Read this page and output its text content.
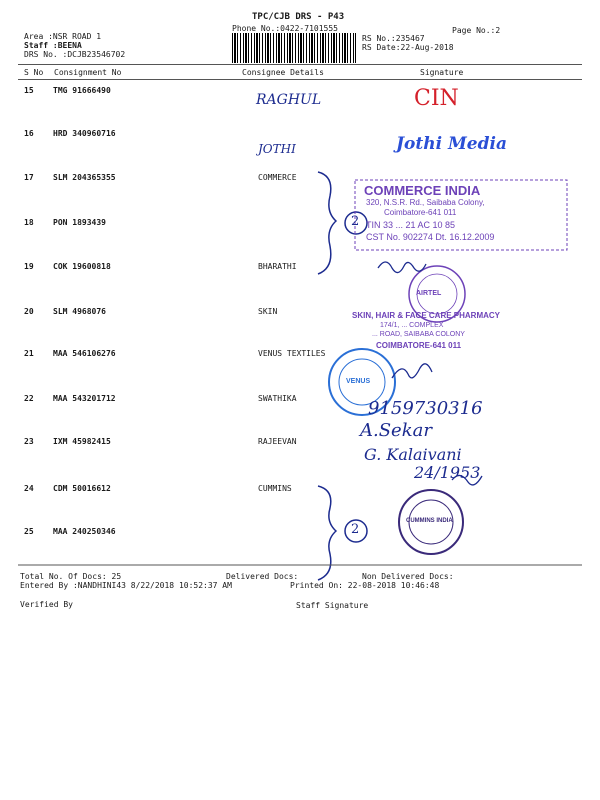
TPC/CJB DRS - P43
Phone No.:0422-7101555	Page No.:2
Area :NSR ROAD 1
Staff :BEENA
DRS No. :DCJB23546702
RS No.:235467
RS Date:22-Aug-2018
S No Consignment No	Consignee Details	Signature
15 TMG 91666490
16 HRD 340960716
17 SLM 204365355	COMMERCE
18 PON 1893439
19 COK 19600818	BHARATHI
20 SLM 4968076	SKIN
21 MAA 546106276	VENUS TEXTILES
22 MAA 543201712	SWATHIKA
23 IXM 45982415	RAJEEVAN
24 CDM 50016612	CUMMINS
25 MAA 240250346
2
2
RAGHUL	CIN
JOTHI	Jothi Media
9159730316
A.Sekar
G. Kalaivani
24/1953
COMMERCE INDIA
320, N.S.R. Rd., Saibaba Colony,
Coimbatore-641 011
TIN 33 ... 21 AC 10 85
CST No. 902274 Dt. 16.12.2009
SKIN, HAIR & FACE CARE PHARMACY
174/1, ... COMPLEX
... ROAD, SAIBABA COLONY
COIMBATORE-641 011
AIRTEL
VENUS
CUMMINS INDIA
Total No. Of Docs: 25	Delivered Docs:	Non Delivered Docs:
Entered By :NANDHINI43 8/22/2018 10:52:37 AM	Printed On: 22-08-2018 10:46:48
Verified By	Staff Signature
